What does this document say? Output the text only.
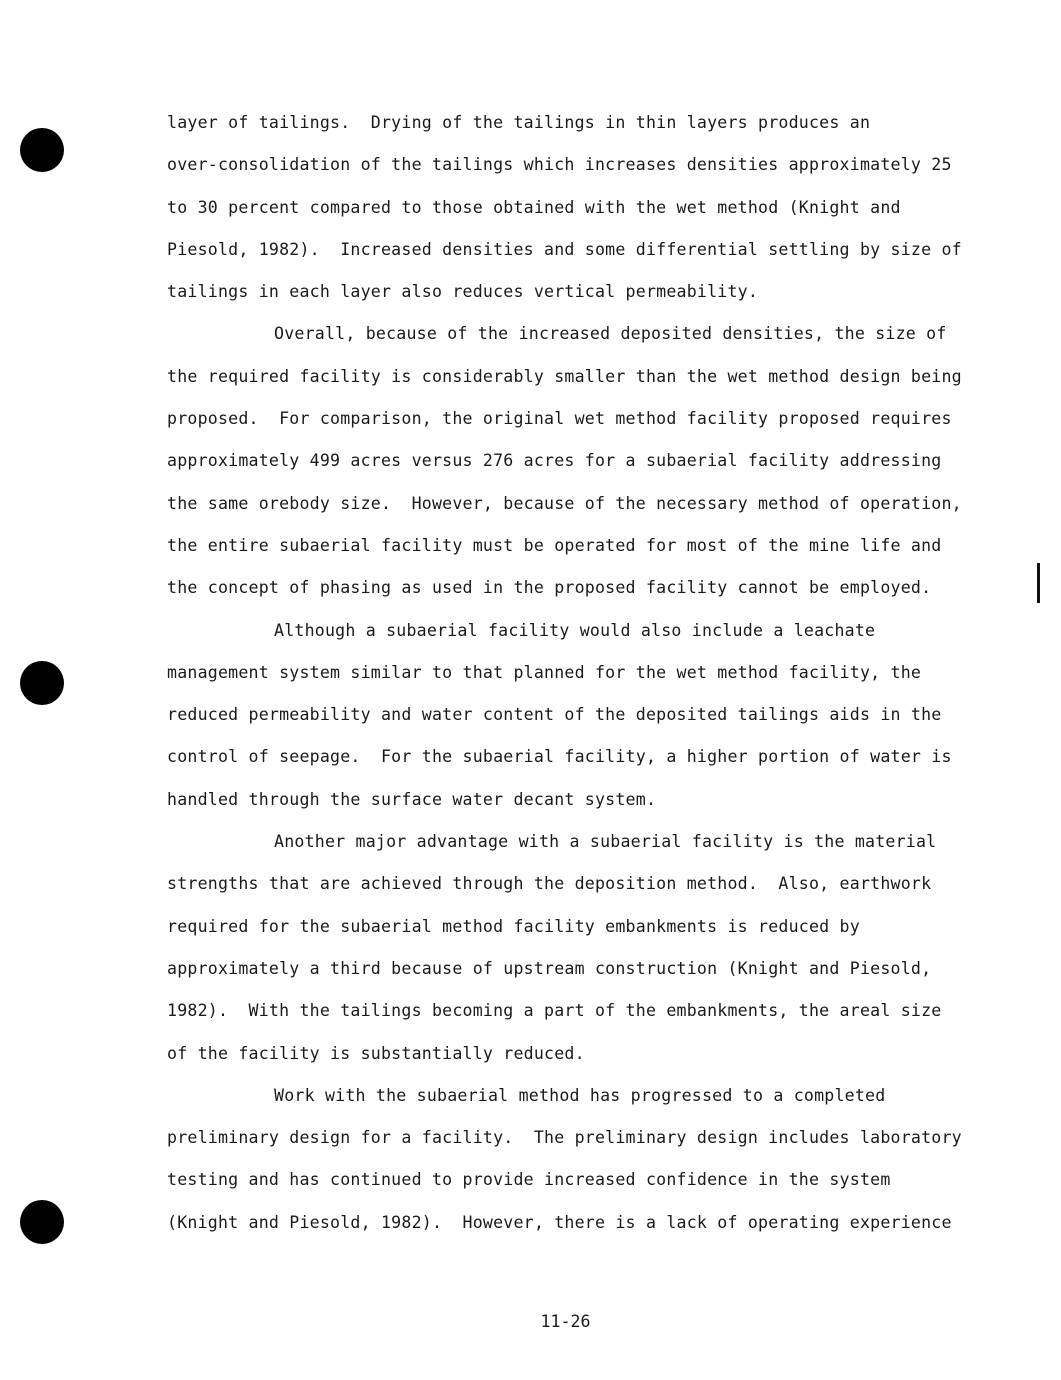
layer of tailings.  Drying of the tailings in thin layers produces an
over-consolidation of the tailings which increases densities approximately 25
to 30 percent compared to those obtained with the wet method (Knight and
Piesold, 1982).  Increased densities and some differential settling by size of
tailings in each layer also reduces vertical permeability.
Overall, because of the increased deposited densities, the size of
the required facility is considerably smaller than the wet method design being
proposed.  For comparison, the original wet method facility proposed requires
approximately 499 acres versus 276 acres for a subaerial facility addressing
the same orebody size.  However, because of the necessary method of operation,
the entire subaerial facility must be operated for most of the mine life and
the concept of phasing as used in the proposed facility cannot be employed.
Although a subaerial facility would also include a leachate
management system similar to that planned for the wet method facility, the
reduced permeability and water content of the deposited tailings aids in the
control of seepage.  For the subaerial facility, a higher portion of water is
handled through the surface water decant system.
Another major advantage with a subaerial facility is the material
strengths that are achieved through the deposition method.  Also, earthwork
required for the subaerial method facility embankments is reduced by
approximately a third because of upstream construction (Knight and Piesold,
1982).  With the tailings becoming a part of the embankments, the areal size
of the facility is substantially reduced.
Work with the subaerial method has progressed to a completed
preliminary design for a facility.  The preliminary design includes laboratory
testing and has continued to provide increased confidence in the system
(Knight and Piesold, 1982).  However, there is a lack of operating experience
11-26
